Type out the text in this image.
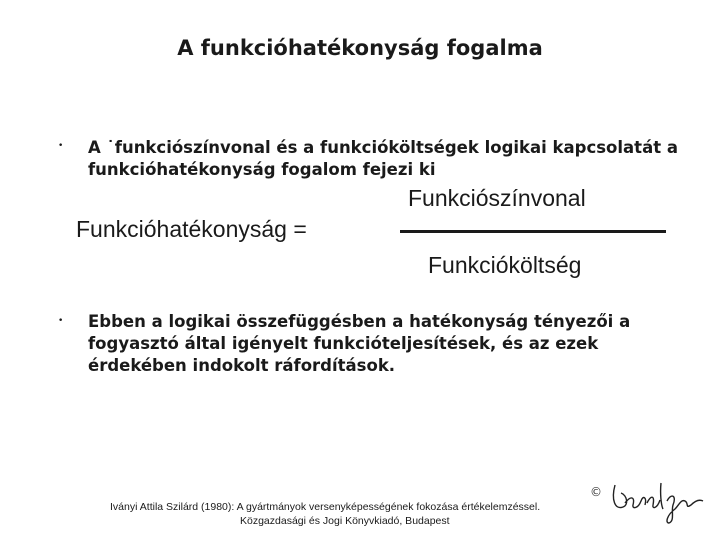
A funkcióhatékonyság fogalma
• A ˙funkciószínvonal és a funkcióköltségek logikai kapcsolatát a funkcióhatékonyság fogalom fejezi ki
Funkcióhatékonyság =
Funkciószínvonal
Funkcióköltség
• Ebben a logikai összefüggésben a hatékonyság tényezői a fogyasztó által igényelt funkcióteljesítések, és az ezek érdekében indokolt ráfordítások.
©
Iványi Attila Szilárd (1980): A gyártmányok versenyképességének fokozása értékelemzéssel.
Közgazdasági és Jogi Könyvkiadó, Budapest
